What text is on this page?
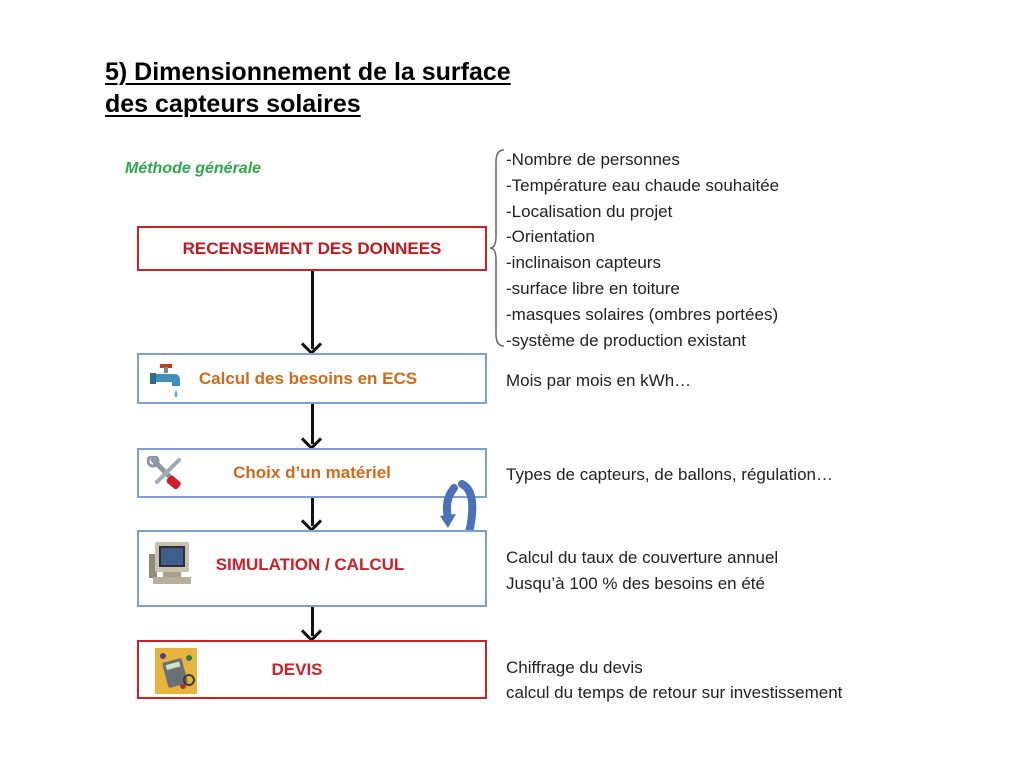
5) Dimensionnement de la surface
des capteurs solaires
Méthode générale
RECENSEMENT DES DONNEES
-Nombre de personnes
-Température eau chaude souhaitée
-Localisation du projet
-Orientation
-inclinaison capteurs
-surface libre en toiture
-masques solaires (ombres portées)
-système de production existant
Calcul des besoins en ECS	Mois par mois en kWh…
Choix d’un matériel	Types de capteurs, de ballons, régulation…
SIMULATION / CALCUL	Calcul du taux de couverture annuel
Jusqu’à 100 % des besoins en été
DEVIS	Chiffrage du devis
calcul du temps de retour sur investissement
